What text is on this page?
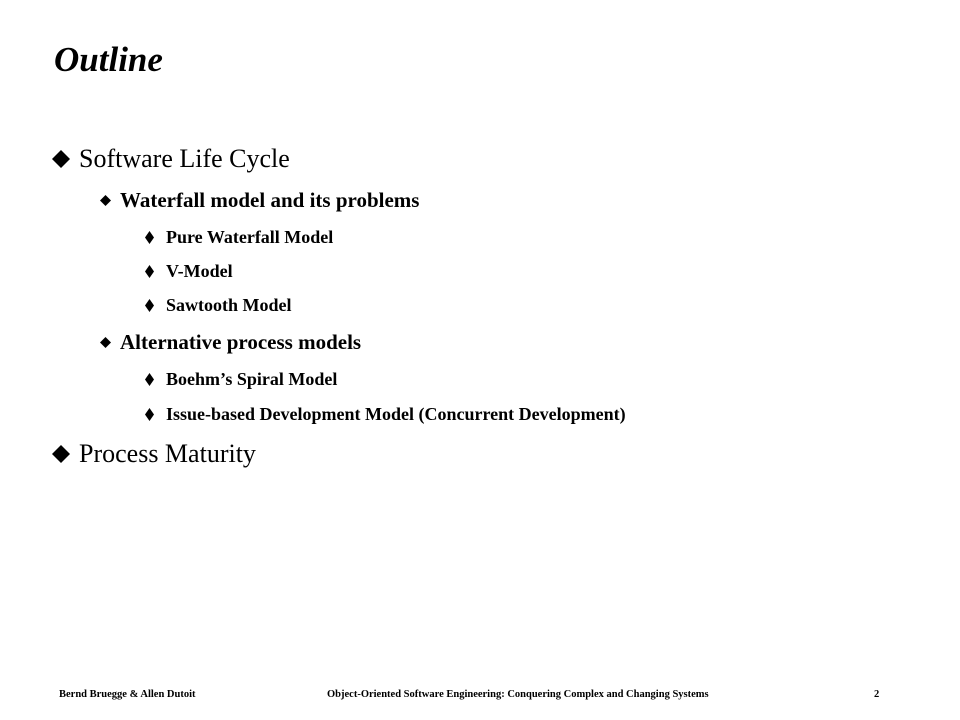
Outline
Software Life Cycle
Waterfall model and its problems
Pure Waterfall Model
V-Model
Sawtooth Model
Alternative process models
Boehm’s Spiral Model
Issue-based Development Model (Concurrent Development)
Process Maturity
Bernd Bruegge & Allen Dutoit	Object-Oriented Software Engineering: Conquering Complex and Changing Systems	2
